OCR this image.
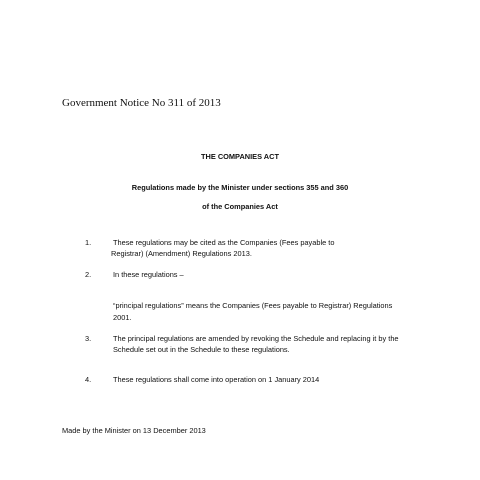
Government Notice No 311 of 2013
THE COMPANIES ACT
Regulations made by the Minister under sections 355 and 360
of the Companies Act
1.	These regulations may be cited as the Companies (Fees payable to
Registrar) (Amendment) Regulations 2013.
2.	In these regulations –
“principal regulations” means the Companies (Fees payable to Registrar) Regulations
2001.
3.	The principal regulations are amended by revoking the Schedule and replacing it by the
Schedule set out in the Schedule to these regulations.
4.	These regulations shall come into operation on 1 January 2014
Made by the Minister on 13 December 2013
